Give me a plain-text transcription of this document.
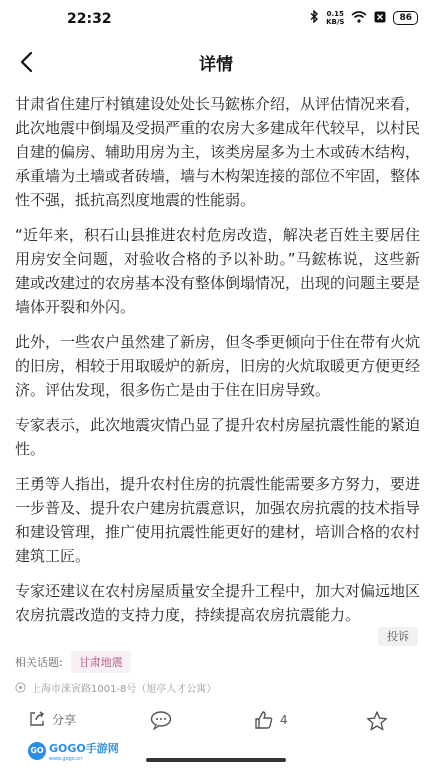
22:32	0.15
KB/S	86
详情

甘肃省住建厅村镇建设处处长马鋐栋介绍，从评估情况来看，此次地震中倒塌及受损严重的农房大多建成年代较早，以村民自建的偏房、辅助用房为主，该类房屋多为土木或砖木结构，承重墙为土墙或者砖墙，墙与木构架连接的部位不牢固，整体性不强，抵抗高烈度地震的性能弱。

“近年来，积石山县推进农村危房改造，解决老百姓主要居住用房安全问题，对验收合格的予以补助。”马鋐栋说，这些新建或改建过的农房基本没有整体倒塌情况，出现的问题主要是墙体开裂和外闪。

此外，一些农户虽然建了新房，但冬季更倾向于住在带有火炕的旧房，相较于用取暖炉的新房，旧房的火炕取暖更方便更经济。评估发现，很多伤亡是由于住在旧房导致。

专家表示，此次地震灾情凸显了提升农村房屋抗震性能的紧迫性。

王勇等人指出，提升农村住房的抗震性能需要多方努力，要进一步普及、提升农户建房抗震意识，加强农房抗震的技术指导和建设管理，推广使用抗震性能更好的建材，培训合格的农村建筑工匠。

专家还建议在农村房屋质量安全提升工程中，加大对偏远地区农房抗震改造的支持力度，持续提高农房抗震能力。

投诉
相关话题:	甘肃地震
上海市淶寅路1001-8号（旭亭人才公寓）
分享	4
GO GOGO手游网
www.gogo.cn
